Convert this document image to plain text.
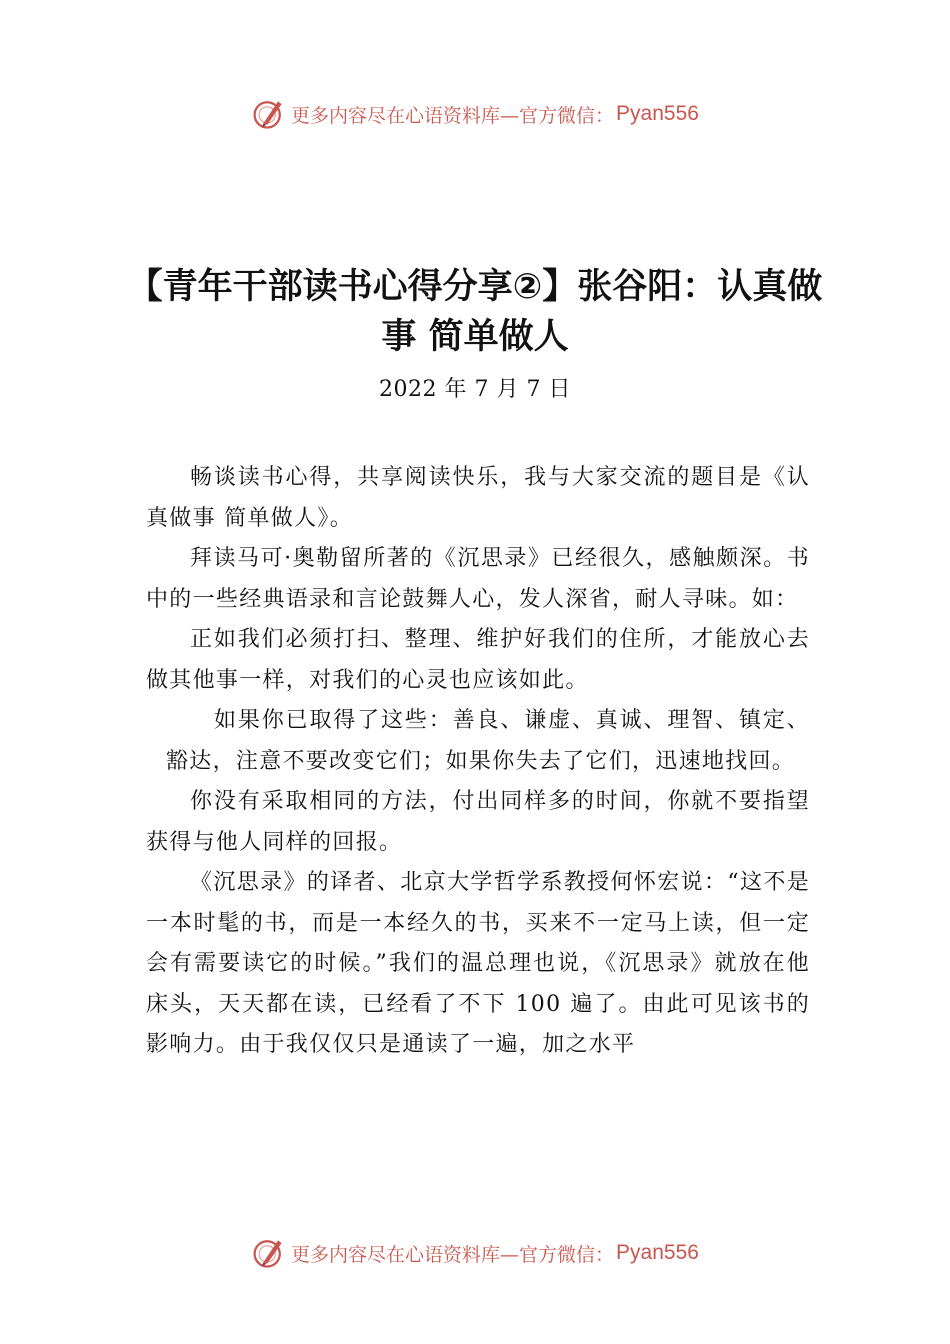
更多内容尽在心语资料库—官方微信： Pyan556
【青年干部读书心得分享②】张谷阳：认真做事 简单做人
2022 年 7 月 7 日

畅谈读书心得，共享阅读快乐，我与大家交流的题目是《认真做事 简单做人》。

拜读马可·奥勒留所著的《沉思录》已经很久，感触颇深。书中的一些经典语录和言论鼓舞人心，发人深省，耐人寻味。如：

正如我们必须打扫、整理、维护好我们的住所，才能放心去做其他事一样，对我们的心灵也应该如此。

如果你已取得了这些：善良、谦虚、真诚、理智、镇定、豁达，注意不要改变它们；如果你失去了它们，迅速地找回。

你没有采取相同的方法，付出同样多的时间，你就不要指望获得与他人同样的回报。

《沉思录》的译者、北京大学哲学系教授何怀宏说：“这不是一本时髦的书，而是一本经久的书，买来不一定马上读，但一定会有需要读它的时候。”我们的温总理也说，《沉思录》就放在他床头，天天都在读，已经看了不下 100 遍了。由此可见该书的影响力。由于我仅仅只是通读了一遍，加之水平

更多内容尽在心语资料库—官方微信： Pyan556
